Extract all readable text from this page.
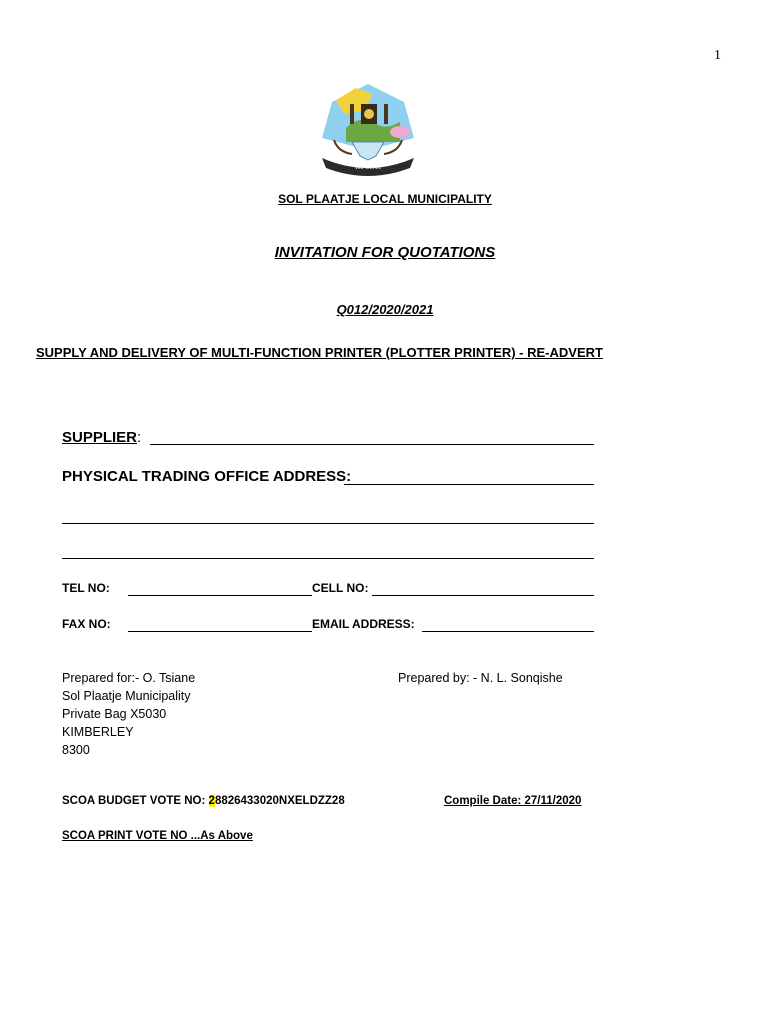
1
We Serve
SOL PLAATJE LOCAL MUNICIPALITY
INVITATION FOR QUOTATIONS
Q012/2020/2021
SUPPLY AND DELIVERY OF MULTI-FUNCTION PRINTER (PLOTTER PRINTER) - RE-ADVERT
SUPPLIER:
PHYSICAL TRADING OFFICE ADDRESS:
TEL NO:	CELL NO:
FAX NO:	EMAIL ADDRESS:
Prepared for:- O. Tsiane
Sol Plaatje Municipality
Private Bag X5030
KIMBERLEY
8300
Prepared by: - N. L. Sonqishe
SCOA BUDGET VOTE NO: 28826433020NXELDZZ28	Compile Date: 27/11/2020
SCOA PRINT VOTE NO ...As Above
